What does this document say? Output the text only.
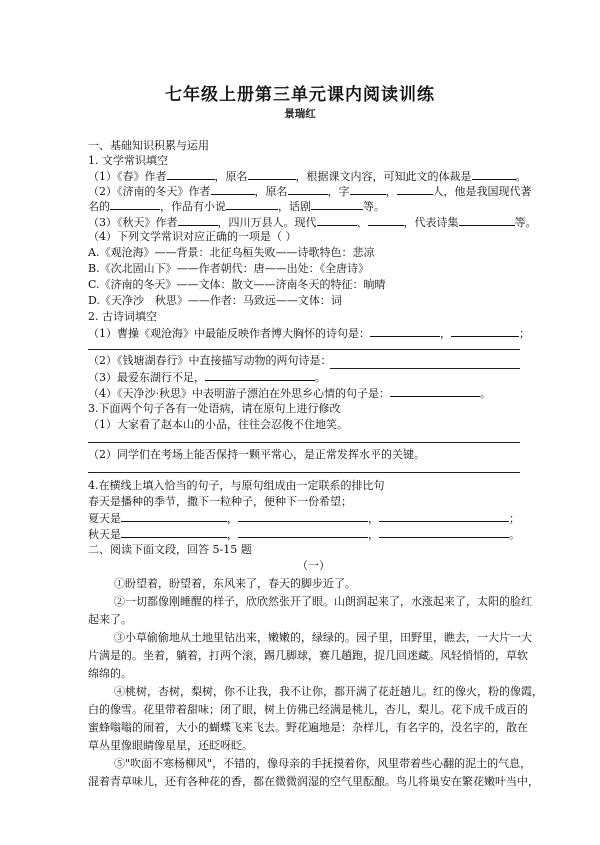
七年级上册第三单元课内阅读训练
景瑞红
一、基础知识积累与运用
1. 文学常识填空
（1）《春》作者	，原名	，根据课文内容，可知此文的体裁是	。
（2）《济南的冬天》作者	，原名	，字	，	人，他是我国现代著
名的	，作品有小说	，话剧	等。
（3）《秋天》作者	，四川万县人。现代	、	，代表诗集	等。
（4）下列文学常识对应正确的一项是（ ）
A.《观沧海》——背景：北征乌桓失败——诗歌特色：悲凉
B.《次北固山下》——作者朝代：唐——出处：《全唐诗》
C.《济南的冬天》——文体：散文——济南冬天的特征：晌晴
D.《天净沙　秋思》——作者：马致远——文体：词
2. 古诗词填空
（1）曹操《观沧海》中最能反映作者博大胸怀的诗句是：	，	；
（2）《钱塘湖春行》中直接描写动物的两句诗是：
（3）最爱东湖行不足，	。
（4）《天净沙·秋思》中表明游子漂泊在外思乡心情的句子是：	。
3.下面两个句子各有一处语病，请在原句上进行修改
（1）大家看了赵本山的小品，往往会忍俊不住地笑。
（2）同学们在考场上能否保持一颗平常心，是正常发挥水平的关键。
4.在横线上填入恰当的句子，与原句组成由一定联系的排比句
春天是播种的季节，撒下一粒种子，便种下一份希望；
夏天是	，	，	；
秋天是	，	，	。
二、阅读下面文段，回答 5-15 题
（一）
①盼望着，盼望着，东风来了，春天的脚步近了。
②一切都像刚睡醒的样子，欣欣然张开了眼。山朗润起来了，水涨起来了，太阳的脸红
起来了。
③小草偷偷地从土地里钻出来，嫩嫩的，绿绿的。园子里，田野里，瞧去，一大片一大
片满是的。坐着，躺着，打两个滚，踢几脚球，赛几趟跑，捉几回迷藏。风轻悄悄的，草软
绵绵的。
④桃树，杏树，梨树，你不让我，我不让你，都开满了花赶趟儿。红的像火，粉的像霞，
白的像雪。花里带着甜味；闭了眼，树上仿佛已经满是桃儿，杏儿，梨儿。花下成千成百的
蜜蜂嗡嗡的闹着，大小的蝴蝶飞来飞去。野花遍地是：杂样儿，有名字的，没名字的，散在
草丛里像眼睛像星星，还眨呀眨。
⑤"吹面不寒杨柳风"，不错的，像母亲的手抚摸着你，风里带着些心翻的泥土的气息，
混着青草味儿，还有各种花的香，都在微微润湿的空气里酝酿。鸟儿将巢安在繁花嫩叶当中，
